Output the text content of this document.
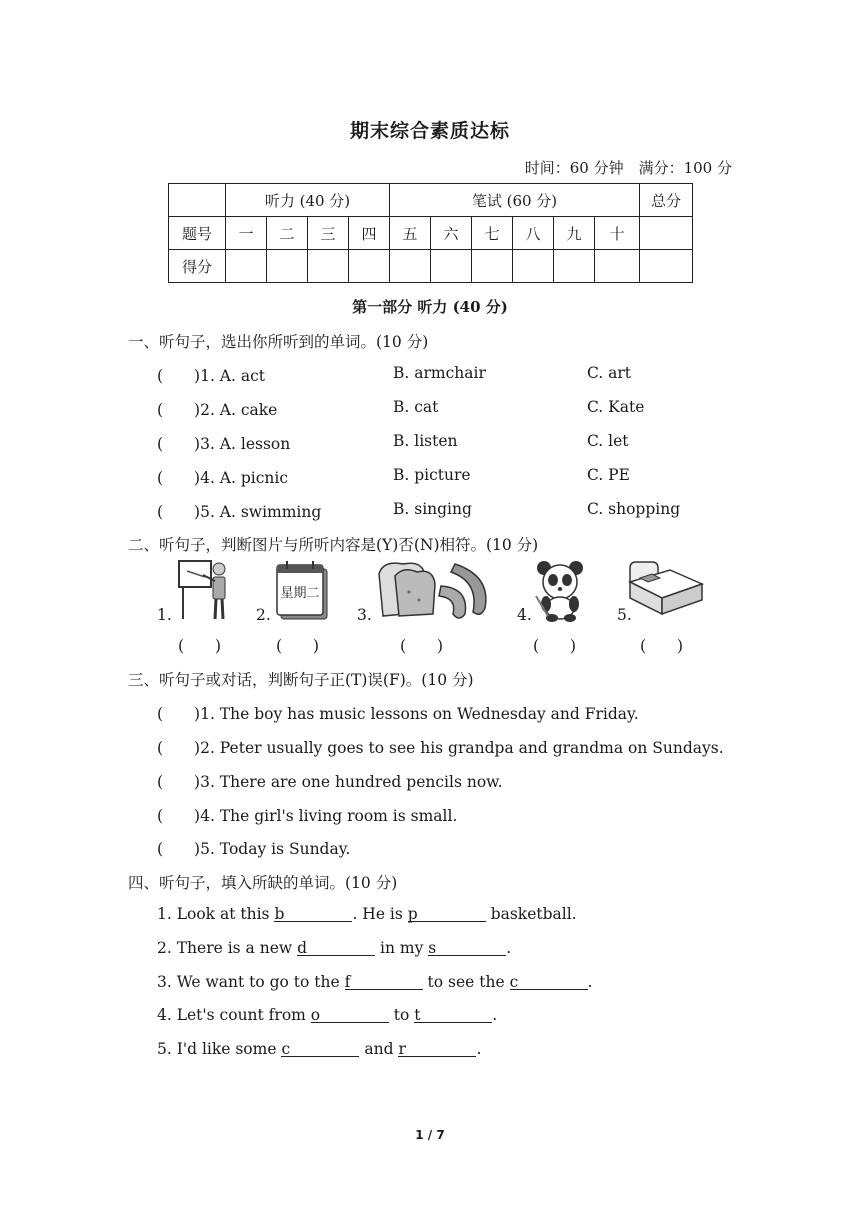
期末综合素质达标
时间：60 分钟　满分：100 分
	听力 (40 分)				笔试 (60 分)						总分
题号	一	二	三	四	五	六	七	八	九	十	
得分											
第一部分 听力 (40 分)
一、听句子，选出你所听到的单词。(10 分)
(　　)1. A. act	B. armchair	C. art
(　　)2. A. cake	B. cat	C. Kate
(　　)3. A. lesson	B. listen	C. let
(　　)4. A. picnic	B. picture	C. PE
(　　)5. A. swimming	B. singing	C. shopping
二、听句子，判断图片与所听内容是(Y)否(N)相符。(10 分)
1.	2.
星期二
3.	4.	5.
(　　)	(　　)	(　　)	(　　)	(　　)
三、听句子或对话，判断句子正(T)误(F)。(10 分)
(　　)1. The boy has music lessons on Wednesday and Friday.
(　　)2. Peter usually goes to see his grandpa and grandma on Sundays.
(　　)3. There are one hundred pencils now.
(　　)4. The girl's living room is small.
(　　)5. Today is Sunday.
四、听句子，填入所缺的单词。(10 分)
1. Look at this b	. He is p	basketball.
2. There is a new d	in my s	.
3. We want to go to the f	to see the c	.
4. Let's count from o	to t	.
5. I'd like some c	and r	.
1 / 7
